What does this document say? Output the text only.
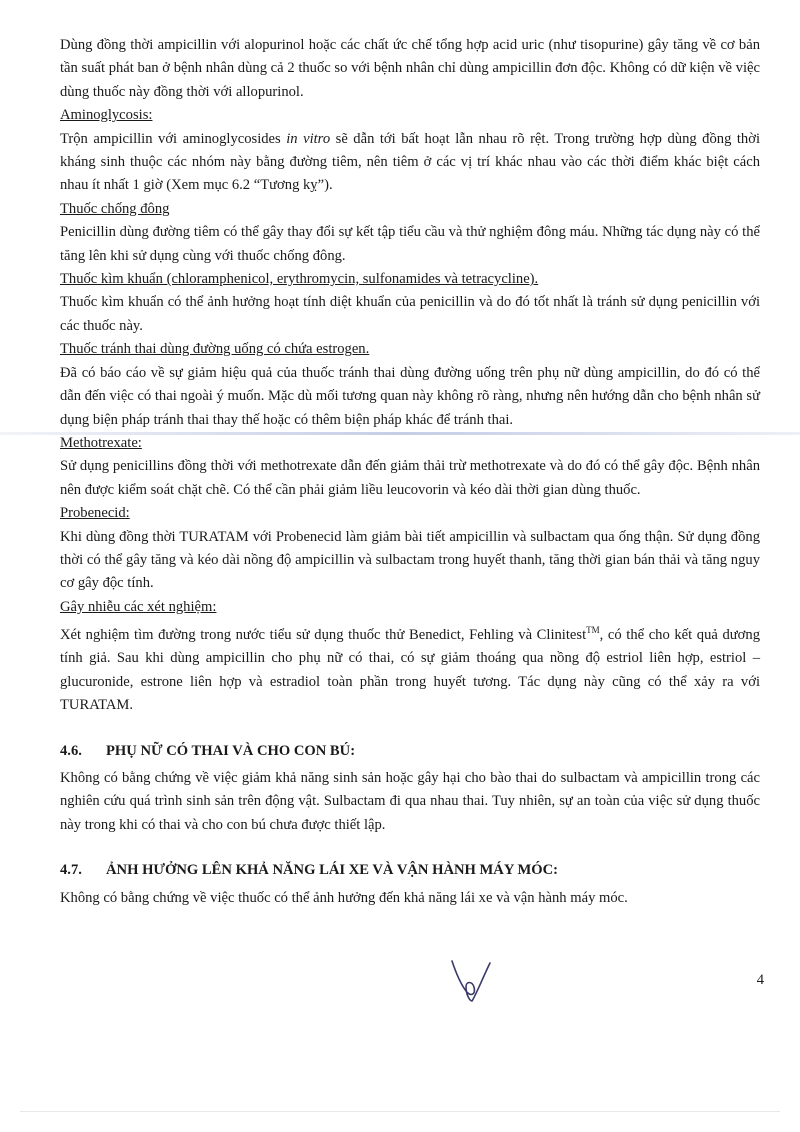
Dùng đồng thời ampicillin với alopurinol hoặc các chất ức chế tổng hợp acid uric (như tisopurine) gây tăng về cơ bản tần suất phát ban ở bệnh nhân dùng cả 2 thuốc so với bệnh nhân chỉ dùng ampicillin đơn độc. Không có dữ kiện về việc dùng thuốc này đồng thời với allopurinol.

Aminoglycosis:

Trộn ampicillin với aminoglycosides in vitro sẽ dẫn tới bất hoạt lẫn nhau rõ rệt. Trong trường hợp dùng đồng thời kháng sinh thuộc các nhóm này bằng đường tiêm, nên tiêm ở các vị trí khác nhau vào các thời điểm khác biệt cách nhau ít nhất 1 giờ (Xem mục 6.2 “Tương kỵ”).

Thuốc chống đông

Penicillin dùng đường tiêm có thể gây thay đổi sự kết tập tiểu cầu và thử nghiệm đông máu. Những tác dụng này có thể tăng lên khi sử dụng cùng với thuốc chống đông.

Thuốc kìm khuẩn (chloramphenicol, erythromycin, sulfonamides và tetracycline).

Thuốc kìm khuẩn có thể ảnh hưởng hoạt tính diệt khuẩn của penicillin và do đó tốt nhất là tránh sử dụng penicillin với các thuốc này.

Thuốc tránh thai dùng đường uống có chứa estrogen.

Đã có báo cáo về sự giảm hiệu quả của thuốc tránh thai dùng đường uống trên phụ nữ dùng ampicillin, do đó có thể dẫn đến việc có thai ngoài ý muốn. Mặc dù mối tương quan này không rõ ràng, nhưng nên hướng dẫn cho bệnh nhân sử dụng biện pháp tránh thai thay thế hoặc có thêm biện pháp khác để tránh thai.

Methotrexate:

Sử dụng penicillins đồng thời với methotrexate dẫn đến giảm thải trừ methotrexate và do đó có thể gây độc. Bệnh nhân nên được kiểm soát chặt chẽ. Có thể cần phải giảm liều leucovorin và kéo dài thời gian dùng thuốc.

Probenecid:

Khi dùng đồng thời TURATAM với Probenecid làm giảm bài tiết ampicillin và sulbactam qua ống thận. Sử dụng đồng thời có thể gây tăng và kéo dài nồng độ ampicillin và sulbactam trong huyết thanh, tăng thời gian bán thải và tăng nguy cơ gây độc tính.

Gây nhiễu các xét nghiệm:

Xét nghiệm tìm đường trong nước tiểu sử dụng thuốc thử Benedict, Fehling và Clinitest™, có thể cho kết quả dương tính giả. Sau khi dùng ampicillin cho phụ nữ có thai, có sự giảm thoáng qua nồng độ estriol liên hợp, estriol – glucuronide, estrone liên hợp và estradiol toàn phần trong huyết tương. Tác dụng này cũng có thể xảy ra với TURATAM.

4.6.	PHỤ NỮ CÓ THAI VÀ CHO CON BÚ:

Không có bằng chứng về việc giảm khả năng sinh sản hoặc gây hại cho bào thai do sulbactam và ampicillin trong các nghiên cứu quá trình sinh sản trên động vật. Sulbactam đi qua nhau thai. Tuy nhiên, sự an toàn của việc sử dụng thuốc này trong khi có thai và cho con bú chưa được thiết lập.

4.7.	ẢNH HƯỞNG LÊN KHẢ NĂNG LÁI XE VÀ VẬN HÀNH MÁY MÓC:

Không có bằng chứng về việc thuốc có thể ảnh hưởng đến khả năng lái xe và vận hành máy móc.

4
